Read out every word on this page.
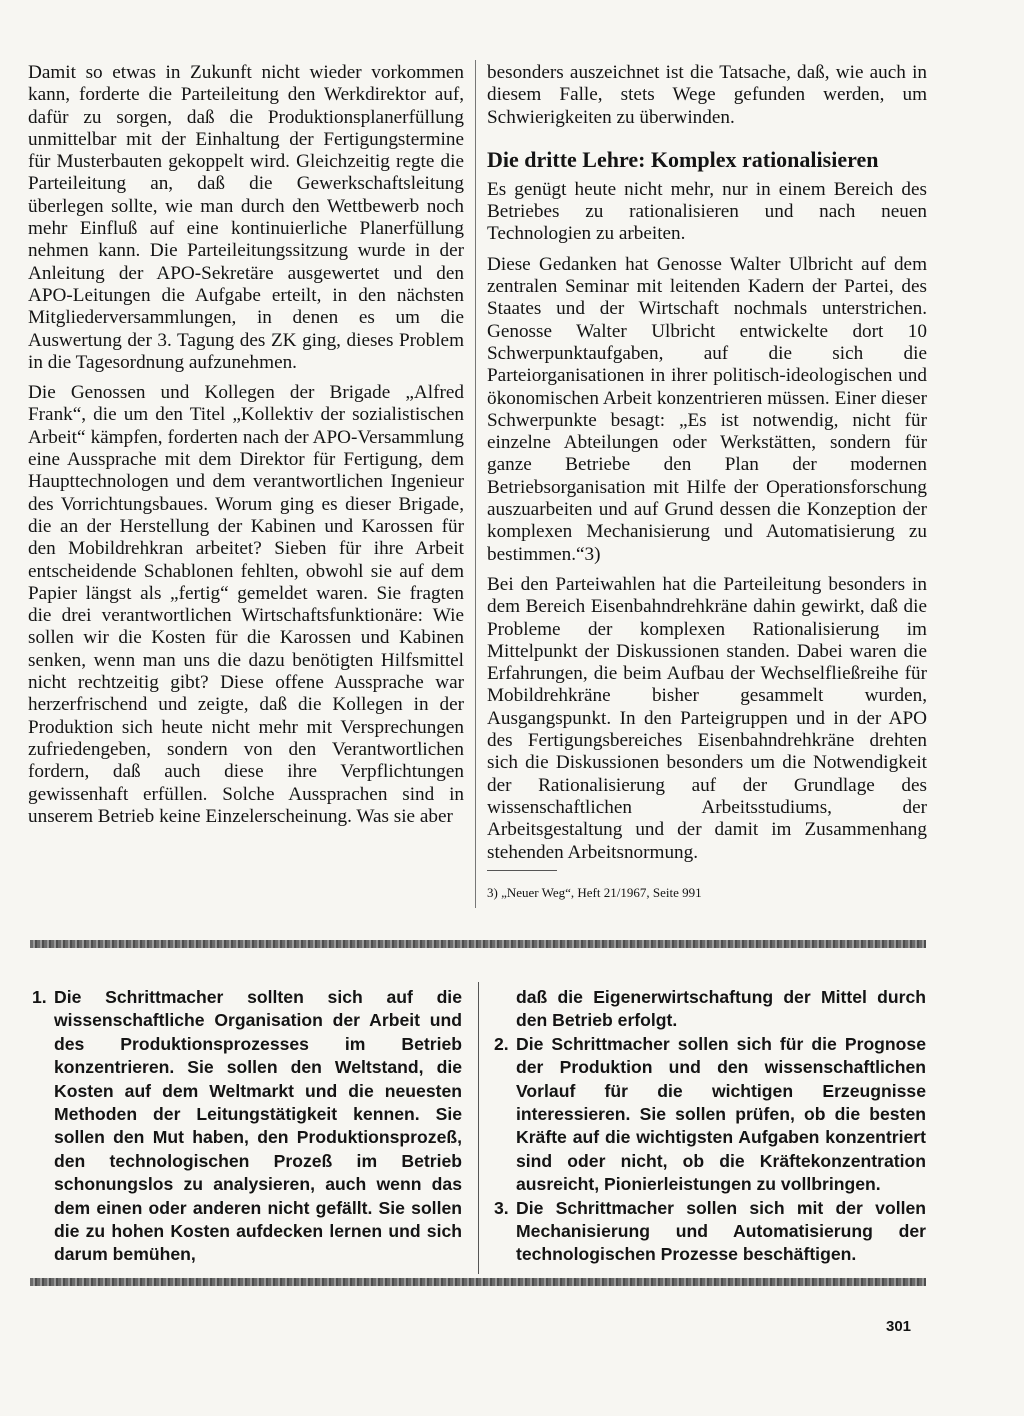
Damit so etwas in Zukunft nicht wieder vorkommen kann, forderte die Parteileitung den Werkdirektor auf, dafür zu sorgen, daß die Produktionsplanerfüllung unmittelbar mit der Einhaltung der Fertigungstermine für Musterbauten gekoppelt wird. Gleichzeitig regte die Parteileitung an, daß die Gewerkschaftsleitung überlegen sollte, wie man durch den Wettbewerb noch mehr Einfluß auf eine kontinuierliche Planerfüllung nehmen kann. Die Parteileitungssitzung wurde in der Anleitung der APO-Sekretäre ausgewertet und den APO-Leitungen die Aufgabe erteilt, in den nächsten Mitgliederversammlungen, in denen es um die Auswertung der 3. Tagung des ZK ging, dieses Problem in die Tagesordnung aufzunehmen.

Die Genossen und Kollegen der Brigade „Alfred Frank“, die um den Titel „Kollektiv der sozialistischen Arbeit“ kämpfen, forderten nach der APO-Versammlung eine Aussprache mit dem Direktor für Fertigung, dem Haupttechnologen und dem verantwortlichen Ingenieur des Vorrichtungsbaues. Worum ging es dieser Brigade, die an der Herstellung der Kabinen und Karossen für den Mobildrehkran arbeitet? Sieben für ihre Arbeit entscheidende Schablonen fehlten, obwohl sie auf dem Papier längst als „fertig“ gemeldet waren. Sie fragten die drei verantwortlichen Wirtschaftsfunktionäre: Wie sollen wir die Kosten für die Karossen und Kabinen senken, wenn man uns die dazu benötigten Hilfsmittel nicht rechtzeitig gibt? Diese offene Aussprache war herzerfrischend und zeigte, daß die Kollegen in der Produktion sich heute nicht mehr mit Versprechungen zufriedengeben, sondern von den Verantwortlichen fordern, daß auch diese ihre Verpflichtungen gewissenhaft erfüllen. Solche Aussprachen sind in unserem Betrieb keine Einzelerscheinung. Was sie aber

besonders auszeichnet ist die Tatsache, daß, wie auch in diesem Falle, stets Wege gefunden werden, um Schwierigkeiten zu überwinden.

Die dritte Lehre: Komplex rationalisieren

Es genügt heute nicht mehr, nur in einem Bereich des Betriebes zu rationalisieren und nach neuen Technologien zu arbeiten.

Diese Gedanken hat Genosse Walter Ulbricht auf dem zentralen Seminar mit leitenden Kadern der Partei, des Staates und der Wirtschaft nochmals unterstrichen. Genosse Walter Ulbricht entwickelte dort 10 Schwerpunktaufgaben, auf die sich die Parteiorganisationen in ihrer politisch-ideologischen und ökonomischen Arbeit konzentrieren müssen. Einer dieser Schwerpunkte besagt: „Es ist notwendig, nicht für einzelne Abteilungen oder Werkstätten, sondern für ganze Betriebe den Plan der modernen Betriebsorganisation mit Hilfe der Operationsforschung auszuarbeiten und auf Grund dessen die Konzeption der komplexen Mechanisierung und Automatisierung zu bestimmen.“3)

Bei den Parteiwahlen hat die Parteileitung besonders in dem Bereich Eisenbahndrehkräne dahin gewirkt, daß die Probleme der komplexen Rationalisierung im Mittelpunkt der Diskussionen standen. Dabei waren die Erfahrungen, die beim Aufbau der Wechselfließreihe für Mobildrehkräne bisher gesammelt wurden, Ausgangspunkt. In den Parteigruppen und in der APO des Fertigungsbereiches Eisenbahndrehkräne drehten sich die Diskussionen besonders um die Notwendigkeit der Rationalisierung auf der Grundlage des wissenschaftlichen Arbeitsstudiums, der Arbeitsgestaltung und der damit im Zusammenhang stehenden Arbeitsnormung.

3) „Neuer Weg“, Heft 21/1967, Seite 991

1. Die Schrittmacher sollten sich auf die wissenschaftliche Organisation der Arbeit und des Produktionsprozesses im Betrieb konzentrieren. Sie sollen den Weltstand, die Kosten auf dem Weltmarkt und die neuesten Methoden der Leitungstätigkeit kennen. Sie sollen den Mut haben, den Produktionsprozeß, den technologischen Prozeß im Betrieb schonungslos zu analysieren, auch wenn das dem einen oder anderen nicht gefällt. Sie sollen die zu hohen Kosten aufdecken lernen und sich darum bemühen,
daß die Eigenerwirtschaftung der Mittel durch den Betrieb erfolgt.
2. Die Schrittmacher sollen sich für die Prognose der Produktion und den wissenschaftlichen Vorlauf für die wichtigen Erzeugnisse interessieren. Sie sollen prüfen, ob die besten Kräfte auf die wichtigsten Aufgaben konzentriert sind oder nicht, ob die Kräftekonzentration ausreicht, Pionierleistungen zu vollbringen.
3. Die Schrittmacher sollen sich mit der vollen Mechanisierung und Automatisierung der technologischen Prozesse beschäftigen.
301
